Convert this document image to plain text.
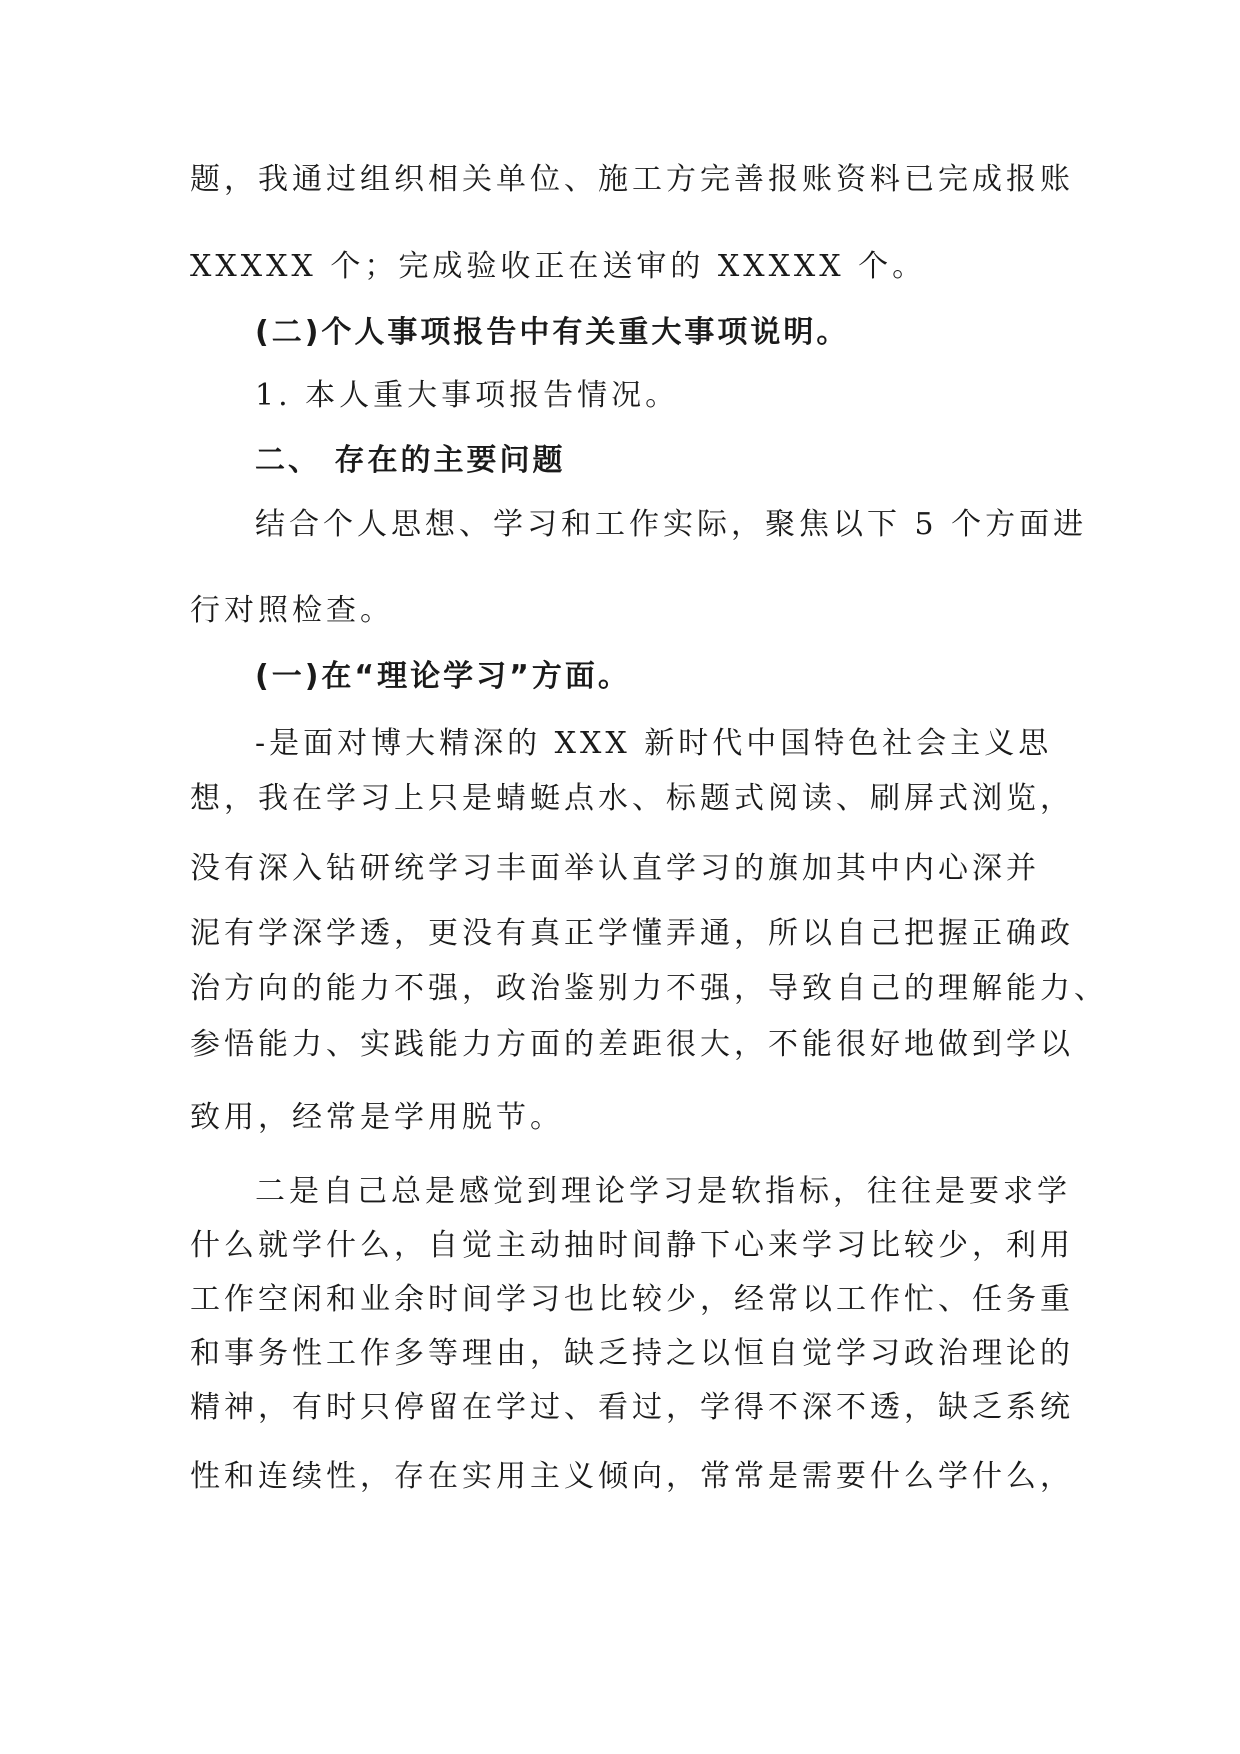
题，我通过组织相关单位、施工方完善报账资料已完成报账
XXXXX 个；完成验收正在送审的 XXXXX 个。
(二)个人事项报告中有关重大事项说明。
1. 本人重大事项报告情况。
二、 存在的主要问题
结合个人思想、学习和工作实际，聚焦以下 5 个方面进
行对照检查。
(一)在“理论学习”方面。
-是面对博大精深的 XXX 新时代中国特色社会主义思
想，我在学习上只是蜻蜓点水、标题式阅读、刷屏式浏览，
没有深入钻研统学习丰面举认直学习的旗加其中内心深并
泥有学深学透，更没有真正学懂弄通，所以自己把握正确政
治方向的能力不强，政治鉴别力不强，导致自己的理解能力、
参悟能力、实践能力方面的差距很大，不能很好地做到学以
致用，经常是学用脱节。
二是自己总是感觉到理论学习是软指标，往往是要求学
什么就学什么，自觉主动抽时间静下心来学习比较少，利用
工作空闲和业余时间学习也比较少，经常以工作忙、任务重
和事务性工作多等理由，缺乏持之以恒自觉学习政治理论的
精神，有时只停留在学过、看过，学得不深不透，缺乏系统
性和连续性，存在实用主义倾向，常常是需要什么学什么，
